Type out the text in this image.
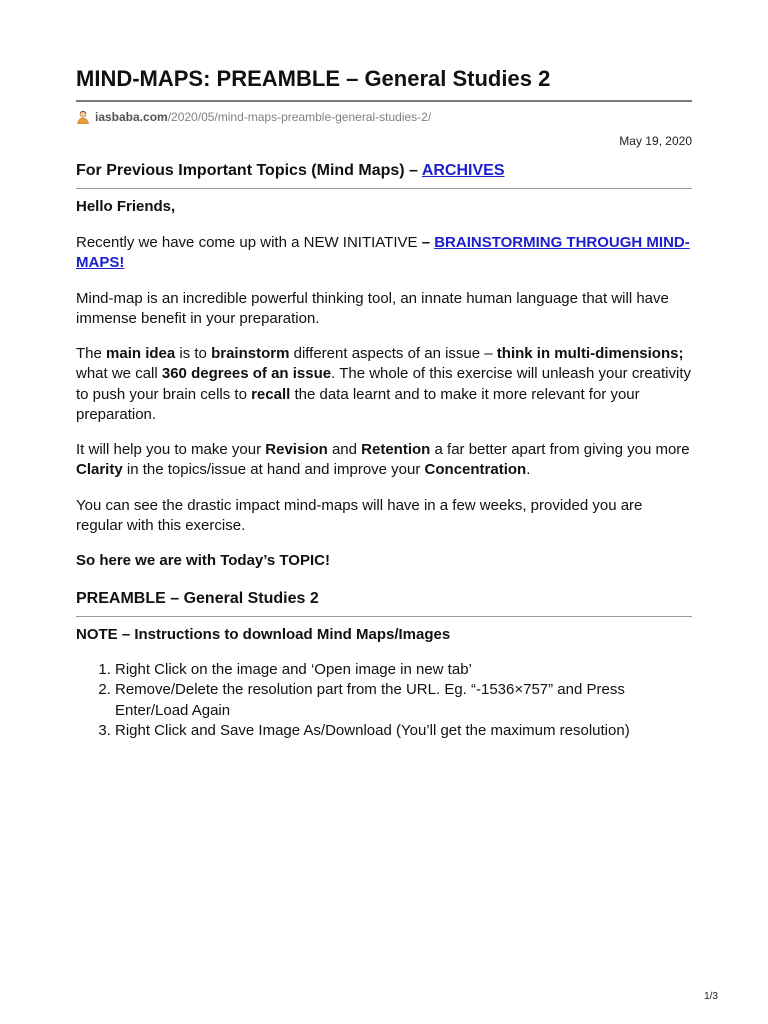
MIND-MAPS: PREAMBLE – General Studies 2
iasbaba.com /2020/05/mind-maps-preamble-general-studies-2/
May 19, 2020
For Previous Important Topics (Mind Maps) – ARCHIVES

Hello Friends,

Recently we have come up with a NEW INITIATIVE – BRAINSTORMING THROUGH MIND-MAPS!

Mind-map is an incredible powerful thinking tool, an innate human language that will have immense benefit in your preparation.

The main idea is to brainstorm different aspects of an issue – think in multi-dimensions; what we call 360 degrees of an issue. The whole of this exercise will unleash your creativity to push your brain cells to recall the data learnt and to make it more relevant for your preparation.

It will help you to make your Revision and Retention a far better apart from giving you more Clarity in the topics/issue at hand and improve your Concentration.

You can see the drastic impact mind-maps will have in a few weeks, provided you are regular with this exercise.

So here we are with Today’s TOPIC!

PREAMBLE – General Studies 2

NOTE – Instructions to download Mind Maps/Images

1. Right Click on the image and ‘Open image in new tab’
2. Remove/Delete the resolution part from the URL. Eg. “-1536×757” and Press Enter/Load Again
3. Right Click and Save Image As/Download (You’ll get the maximum resolution)
1/3
